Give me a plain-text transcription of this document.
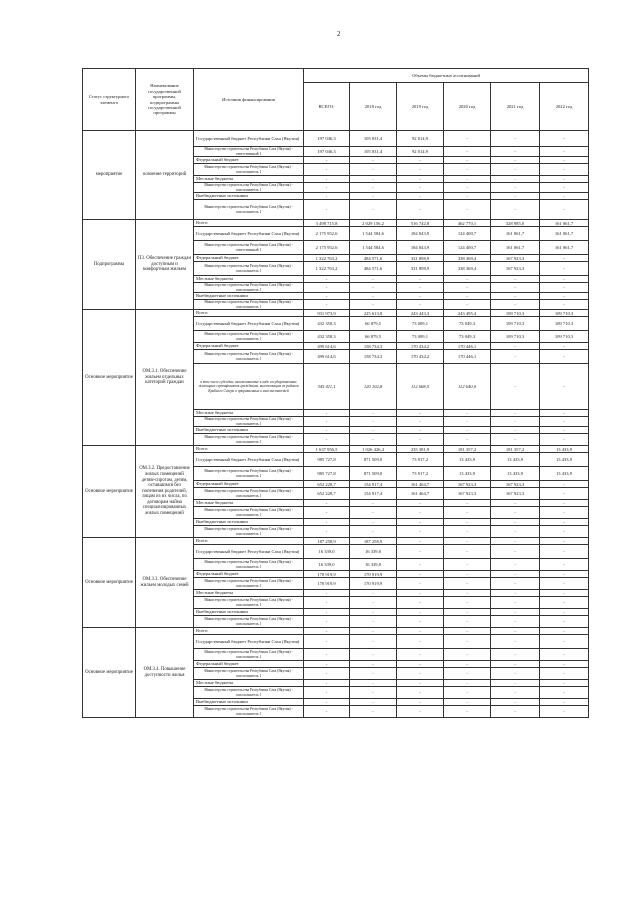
2
Статус структурного элемента	Наименование государственной программы, подпрограммы государственной программы	Источник финансирования	Объемы бюджетных ассигнований					
			ВСЕГО:	2018 год	2019 год	2020 год	2021 год	2022 год
мероприятие	освоение территорий	Государственный бюджет Республики Саха (Якутия)	197 046,3	105 031,4	92 014,9	-	-	-
		Министерство строительства Республики Саха (Якутия) - ответственный 1	197 046,3	105 031,4	92 014,9	-	-	-
		Федеральный бюджет	-	-	-	-	-	-
		Министерство строительства Республики Саха (Якутия) - соисполнитель 1	-	-	-	-	-	-
		Местные бюджеты	-	-	-	-	-	-
		Министерство строительства Республики Саха (Якутия) - соисполнитель 1	-	-	-	-	-	-
		Внебюджетные источники	-	-	-	-	-	-
		Министерство строительства Республики Саха (Якутия) - соисполнитель 1	-	-	-	-	-	-
Подпрограмма	П3. Обеспечение граждан доступным и комфортным жильем	Всего:	3 498 715,8	2 029 156,2	516 742,8	462 770,1	328 985,0	161 061,7
		Государственный бюджет Республики Саха (Якутия)	2 175 952,6	1 544 584,6	184 843,9	124 400,7	161 061,7	161 061,7
		Министерство строительства Республики Саха (Якутия) - ответственный 1	2 175 952,6	1 544 584,6	184 843,9	124 400,7	161 061,7	161 061,7
		Федеральный бюджет	1 322 763,2	484 571,6	331 898,9	338 369,4	167 923,3	-
		Министерство строительства Республики Саха (Якутия) - соисполнитель 1	1 322 763,2	484 571,6	331 898,9	338 369,4	167 923,3	-
		Местные бюджеты	-	-	-	-	-	-
		Министерство строительства Республики Саха (Якутия) - соисполнитель 1	-	-	-	-	-	-
		Внебюджетные источники	-	-	-	-	-	-
		Министерство строительства Республики Саха (Якутия) - соисполнитель 1	-	-	-	-	-	-
Основное мероприятие	ОМ.3.1. Обеспечение жильем отдельных категорий граждан	Всего:	931 973,9	225 613,8	243 443,3	243 495,4	109 710,3	109 710,3
		Государственный бюджет Республики Саха (Якутия)	432 358,3	66 879,5	73 009,1	73 049,3	109 710,3	109 710,3
		Министерство строительства Республики Саха (Якутия) - соисполнитель 1	432 358,3	66 879,5	73 009,1	73 049,3	109 710,3	109 710,3
		Федеральный бюджет	499 614,6	158 734,3	170 434,2	170 446,1	-	-
		Министерство строительства Республики Саха (Якутия) - соисполнитель 1	499 614,6	158 734,3	170 434,2	170 446,1	-	-
		в том числе субсидии, выплачиваемые в виде государственных жилищных сертификатов гражданам, выезжающим из районов Крайнего Севера и приравненных к ним местностей	345 411,1	120 102,8	112 668,5	112 640,0	-	-
		Местные бюджеты	-	-	-	-	-	-
		Министерство строительства Республики Саха (Якутия) - соисполнитель 1	-	-	-	-	-	-
		Внебюджетные источники	-	-	-	-	-	-
		Министерство строительства Республики Саха (Якутия) - соисполнитель 1	-	-	-	-	-	-
Основное мероприятие	ОМ.3.2. Предоставление жилых помещений детям-сиротам, детям, оставшимся без попечения родителей, лицам из их числа, по договорам найма специализированных жилых помещений	Всего:	1 637 956,5	1 026 426,4	235 381,9	181 357,2	181 357,2	13 433,9
		Государственный бюджет Республики Саха (Якутия)	985 727,8	871 509,0	73 917,2	13 433,9	13 433,9	13 433,9
		Министерство строительства Республики Саха (Якутия) - соисполнитель 1	985 727,8	871 509,0	73 917,2	13 433,9	13 433,9	13 433,9
		Федеральный бюджет	652 228,7	154 917,4	161 464,7	167 923,3	167 923,3	-
		Министерство строительства Республики Саха (Якутия) - соисполнитель 1	652 228,7	154 917,4	161 464,7	167 923,3	167 923,3	-
		Местные бюджеты	-	-	-	-	-	-
		Министерство строительства Республики Саха (Якутия) - соисполнитель 1	-	-	-	-	-	-
		Внебюджетные источники	-	-	-	-	-	-
		Министерство строительства Республики Саха (Якутия) - соисполнитель 1	-	-	-	-	-	-
Основное мероприятие	ОМ.3.3. Обеспечение жильем молодых семей	Всего:	187 258,9	187 258,9	-	-	-	-
		Государственный бюджет Республики Саха (Якутия)	16 339,0	16 339,0	-	-	-	-
		Министерство строительства Республики Саха (Якутия) - соисполнитель 1	16 339,0	16 339,0	-	-	-	-
		Федеральный бюджет	170 919,9	170 919,9	-	-	-	-
		Министерство строительства Республики Саха (Якутия) - соисполнитель 1	170 919,9	170 919,9	-	-	-	-
		Местные бюджеты	-	-	-	-	-	-
		Министерство строительства Республики Саха (Якутия) - соисполнитель 1	-	-	-	-	-	-
		Внебюджетные источники	-	-	-	-	-	-
		Министерство строительства Республики Саха (Якутия) - соисполнитель 1	-	-	-	-	-	-
Основное мероприятие	ОМ.3.4. Повышение доступности жилья	Всего:	-	-	-	-	-	-
		Государственный бюджет Республики Саха (Якутия)	-	-	-	-	-	-
		Министерство строительства Республики Саха (Якутия) - соисполнитель 1	-	-	-	-	-	-
		Федеральный бюджет	-	-	-	-	-	-
		Министерство строительства Республики Саха (Якутия) - соисполнитель 1	-	-	-	-	-	-
		Местные бюджеты	-	-	-	-	-	-
		Министерство строительства Республики Саха (Якутия) - соисполнитель 1	-	-	-	-	-	-
		Внебюджетные источники	-	-	-	-	-	-
		Министерство строительства Республики Саха (Якутия) - соисполнитель 1	-	-	-	-	-	-
